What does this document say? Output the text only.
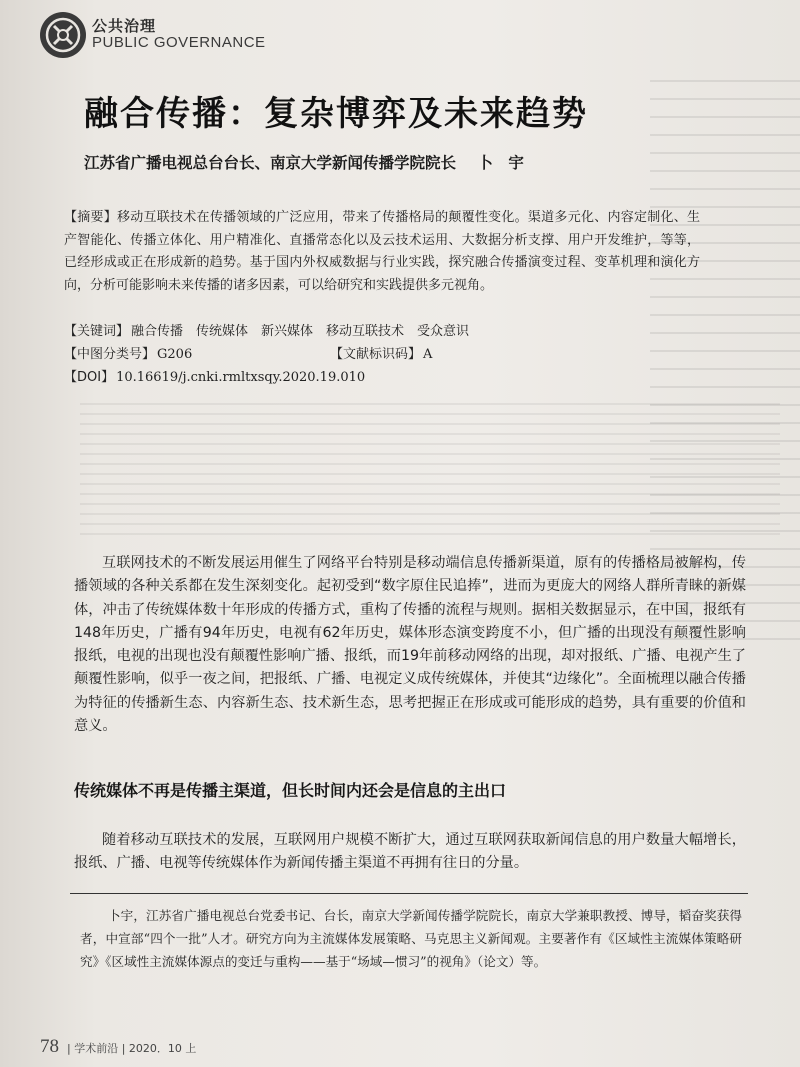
公共治理
PUBLIC GOVERNANCE
融合传播：复杂博弈及未来趋势
江苏省广播电视总台台长、南京大学新闻传播学院院长 卜　宇
【摘要】移动互联技术在传播领域的广泛应用，带来了传播格局的颠覆性变化。渠道多元化、内容定制化、生产智能化、传播立体化、用户精准化、直播常态化以及云技术运用、大数据分析支撑、用户开发维护，等等，已经形成或正在形成新的趋势。基于国内外权威数据与行业实践，探究融合传播演变过程、变革机理和演化方向，分析可能影响未来传播的诸多因素，可以给研究和实践提供多元视角。
【关键词】 融合传播　传统媒体　新兴媒体　移动互联技术　受众意识
【中图分类号】 G206	【文献标识码】 A
【DOI】 10.16619/j.cnki.rmltxsqy.2020.19.010
互联网技术的不断发展运用催生了网络平台特别是移动端信息传播新渠道，原有的传播格局被解构，传播领域的各种关系都在发生深刻变化。起初受到“数字原住民追捧”，进而为更庞大的网络人群所青睐的新媒体，冲击了传统媒体数十年形成的传播方式，重构了传播的流程与规则。据相关数据显示，在中国，报纸有148年历史，广播有94年历史，电视有62年历史，媒体形态演变跨度不小，但广播的出现没有颠覆性影响报纸，电视的出现也没有颠覆性影响广播、报纸，而19年前移动网络的出现，却对报纸、广播、电视产生了颠覆性影响，似乎一夜之间，把报纸、广播、电视定义成传统媒体，并使其“边缘化”。全面梳理以融合传播为特征的传播新生态、内容新生态、技术新生态，思考把握正在形成或可能形成的趋势，具有重要的价值和意义。
传统媒体不再是传播主渠道，但长时间内还会是信息的主出口
随着移动互联技术的发展，互联网用户规模不断扩大，通过互联网获取新闻信息的用户数量大幅增长，报纸、广播、电视等传统媒体作为新闻传播主渠道不再拥有往日的分量。
卜宇，江苏省广播电视总台党委书记、台长，南京大学新闻传播学院院长，南京大学兼职教授、博导，韬奋奖获得者，中宣部“四个一批”人才。研究方向为主流媒体发展策略、马克思主义新闻观。主要著作有《区域性主流媒体策略研究》《区域性主流媒体源点的变迁与重构——基于“场域—惯习”的视角》（论文）等。
78 | 学术前沿 | 2020．10 上
